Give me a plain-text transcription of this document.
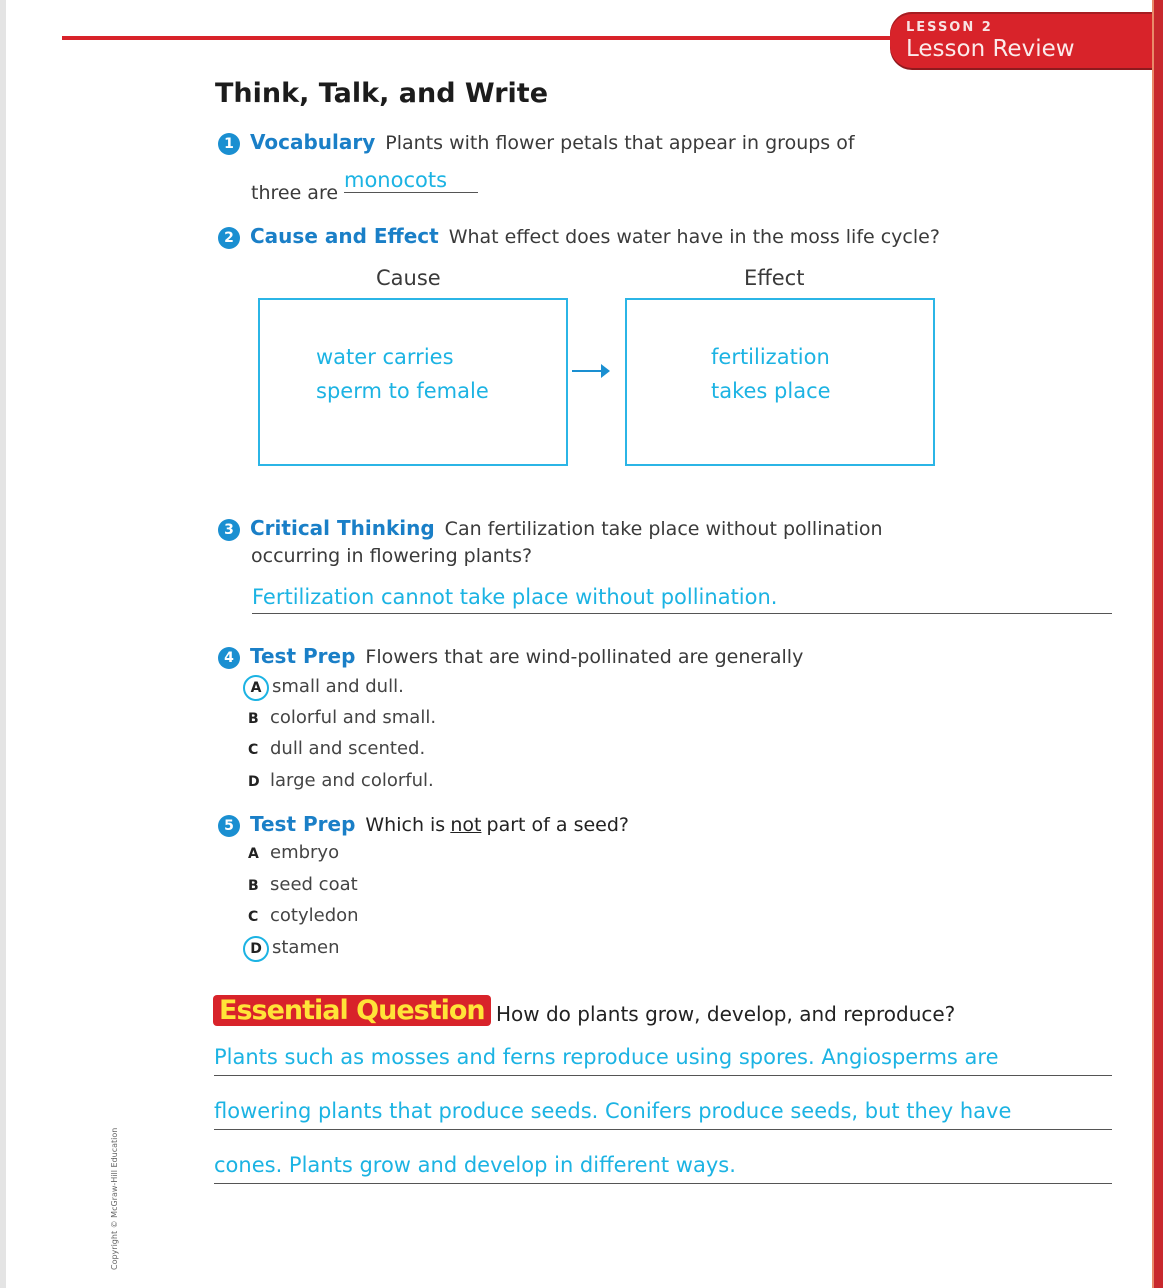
LESSON 2
Lesson Review
Think, Talk, and Write
1 Vocabulary Plants with flower petals that appear in groups of
three are
monocots
2 Cause and Effect What effect does water have in the moss life cycle?
Cause	Effect
water carries
sperm to female
fertilization
takes place
3 Critical Thinking Can fertilization take place without pollination
occurring in flowering plants?
Fertilization cannot take place without pollination.
4 Test Prep Flowers that are wind-pollinated are generally
A small and dull.
B colorful and small.
C dull and scented.
D large and colorful.
5 Test Prep Which is not part of a seed?
A embryo
B seed coat
C cotyledon
D stamen
Essential Question How do plants grow, develop, and reproduce?
Plants such as mosses and ferns reproduce using spores. Angiosperms are
flowering plants that produce seeds. Conifers produce seeds, but they have
cones. Plants grow and develop in different ways.
Copyright © McGraw-Hill Education
